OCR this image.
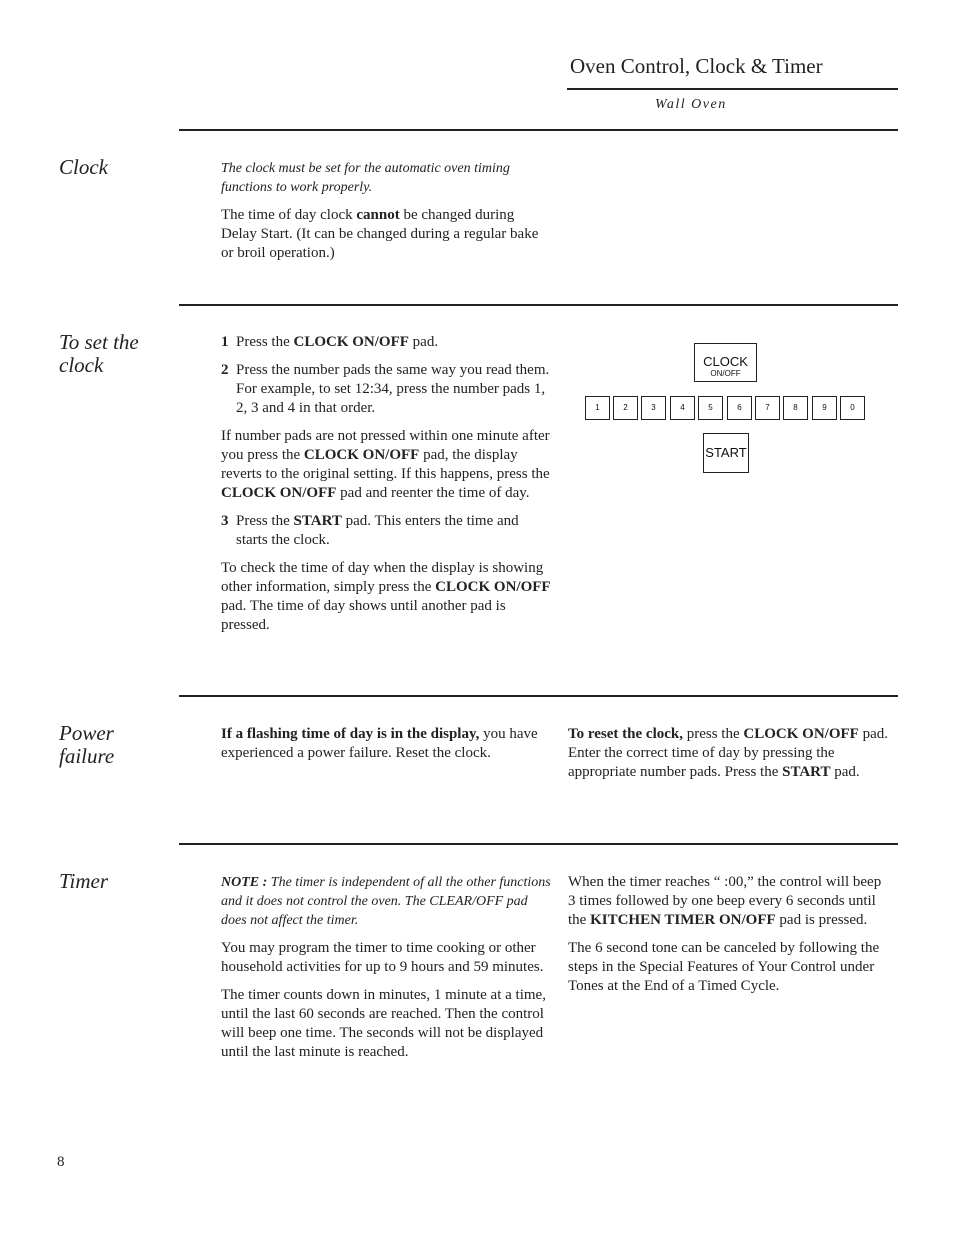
Oven Control, Clock & Timer
Wall Oven
Clock	The clock must be set for the automatic oven timing functions to work properly.

The time of day clock cannot be changed during Delay Start. (It can be changed during a regular bake or broil operation.)

To set the
clock

1 Press the CLOCK ON/OFF pad.

2 Press the number pads the same way you read them. For example, to set 12:34, press the number pads 1, 2, 3 and 4 in that order.

If number pads are not pressed within one minute after you press the CLOCK ON/OFF pad, the display reverts to the original setting. If this happens, press the CLOCK ON/OFF pad and reenter the time of day.

3 Press the START pad. This enters the time and starts the clock.

To check the time of day when the display is showing other information, simply press the CLOCK ON/OFF pad. The time of day shows until another pad is pressed.

CLOCK
ON/OFF
1	2	3	4	5	6	7	8	9	0
START
Power
failure

If a flashing time of day is in the display, you have experienced a power failure. Reset the clock.

To reset the clock, press the CLOCK ON/OFF pad. Enter the correct time of day by pressing the appropriate number pads. Press the START pad.

Timer	NOTE : The timer is independent of all the other functions and it does not control the oven. The CLEAR/OFF pad does not affect the timer.

You may program the timer to time cooking or other household activities for up to 9 hours and 59 minutes.

The timer counts down in minutes, 1 minute at a time, until the last 60 seconds are reached. Then the control will beep one time. The seconds will not be displayed until the last minute is reached.

When the timer reaches “ :00,” the control will beep 3 times followed by one beep every 6 seconds until the KITCHEN TIMER ON/OFF pad is pressed.

The 6 second tone can be canceled by following the steps in the Special Features of Your Control under Tones at the End of a Timed Cycle.

8
